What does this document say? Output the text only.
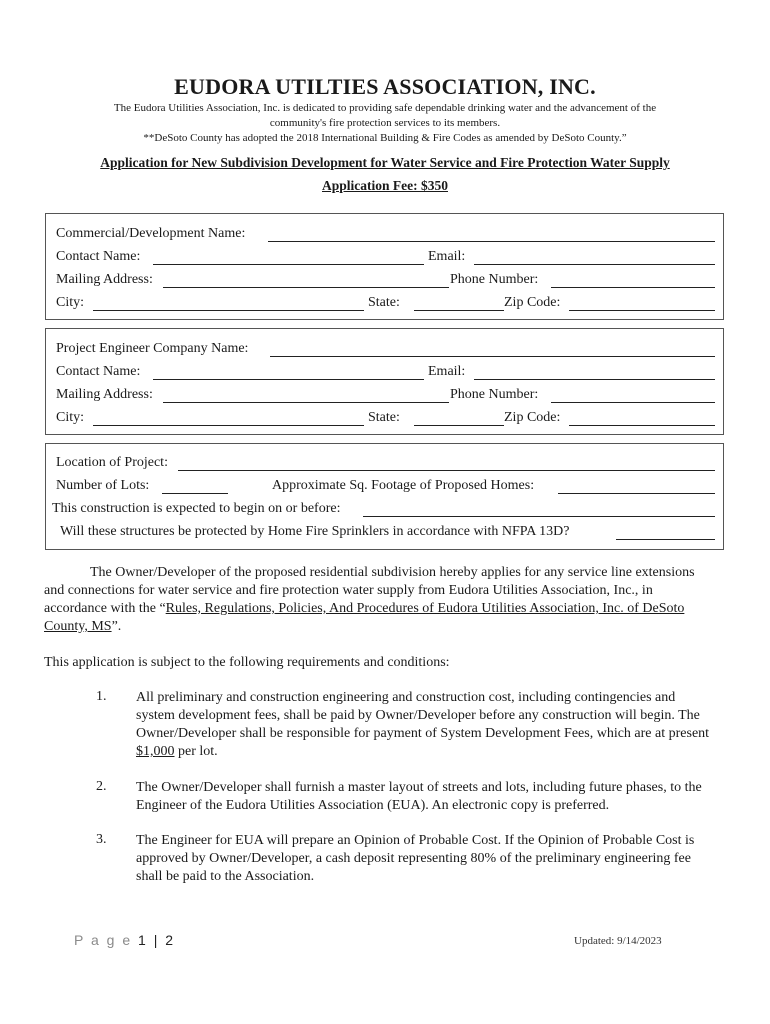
EUDORA UTILTIES ASSOCIATION, INC.
The Eudora Utilities Association, Inc. is dedicated to providing safe dependable drinking water and the advancement of the
community's fire protection services to its members.
**DeSoto County has adopted the 2018 International Building & Fire Codes as amended by DeSoto County.”
Application for New Subdivision Development for Water Service and Fire Protection Water Supply
Application Fee: $350
Commercial/Development Name:
Contact Name:	Email:
Mailing Address:	Phone Number:
City:	State:	Zip Code:
Project Engineer Company Name:
Contact Name:	Email:
Mailing Address:	Phone Number:
City:	State:	Zip Code:
Location of Project:
Number of Lots:	Approximate Sq. Footage of Proposed Homes:
This construction is expected to begin on or before:
Will these structures be protected by Home Fire Sprinklers in accordance with NFPA 13D?
The Owner/Developer of the proposed residential subdivision hereby applies for any service line extensions
and connections for water service and fire protection water supply from Eudora Utilities Association, Inc., in
accordance with the “Rules, Regulations, Policies, And Procedures of Eudora Utilities Association, Inc. of DeSoto
County, MS”.
This application is subject to the following requirements and conditions:
1. All preliminary and construction engineering and construction cost, including contingencies and
system development fees, shall be paid by Owner/Developer before any construction will begin. The
Owner/Developer shall be responsible for payment of System Development Fees, which are at present
$1,000 per lot.
2. The Owner/Developer shall furnish a master layout of streets and lots, including future phases, to the
Engineer of the Eudora Utilities Association (EUA). An electronic copy is preferred.
3. The Engineer for EUA will prepare an Opinion of Probable Cost. If the Opinion of Probable Cost is
approved by Owner/Developer, a cash deposit representing 80% of the preliminary engineering fee
shall be paid to the Association.
P a g e 1 | 2	Updated: 9/14/2023
